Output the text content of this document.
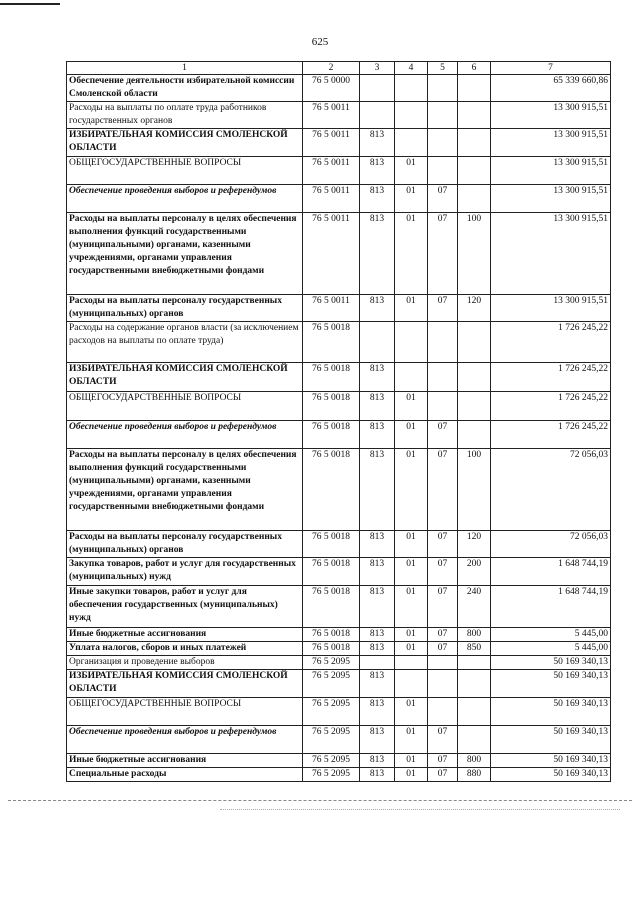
625
1	2	3	4	5	6	7
Обеспечение деятельности избирательной комиссии Смоленской области	76 5 0000					65 339 660,86
Расходы на выплаты по оплате труда работников государственных органов	76 5 0011					13 300 915,51
ИЗБИРАТЕЛЬНАЯ КОМИССИЯ СМОЛЕНСКОЙ ОБЛАСТИ	76 5 0011	813				13 300 915,51
ОБЩЕГОСУДАРСТВЕННЫЕ ВОПРОСЫ	76 5 0011	813	01			13 300 915,51
Обеспечение проведения выборов и референдумов	76 5 0011	813	01	07		13 300 915,51
Расходы на выплаты персоналу в целях обеспечения выполнения функций государственными (муниципальными) органами, казенными учреждениями, органами управления государственными внебюджетными фондами	76 5 0011	813	01	07	100	13 300 915,51
Расходы на выплаты персоналу государственных (муниципальных) органов	76 5 0011	813	01	07	120	13 300 915,51
Расходы на содержание органов власти (за исключением расходов на выплаты по оплате труда)	76 5 0018					1 726 245,22
ИЗБИРАТЕЛЬНАЯ КОМИССИЯ СМОЛЕНСКОЙ ОБЛАСТИ	76 5 0018	813				1 726 245,22
ОБЩЕГОСУДАРСТВЕННЫЕ ВОПРОСЫ	76 5 0018	813	01			1 726 245,22
Обеспечение проведения выборов и референдумов	76 5 0018	813	01	07		1 726 245,22
Расходы на выплаты персоналу в целях обеспечения выполнения функций государственными (муниципальными) органами, казенными учреждениями, органами управления государственными внебюджетными фондами	76 5 0018	813	01	07	100	72 056,03
Расходы на выплаты персоналу государственных (муниципальных) органов	76 5 0018	813	01	07	120	72 056,03
Закупка товаров, работ и услуг для государственных (муниципальных) нужд	76 5 0018	813	01	07	200	1 648 744,19
Иные закупки товаров, работ и услуг для обеспечения государственных (муниципальных) нужд	76 5 0018	813	01	07	240	1 648 744,19
Иные бюджетные ассигнования	76 5 0018	813	01	07	800	5 445,00
Уплата налогов, сборов и иных платежей	76 5 0018	813	01	07	850	5 445,00
Организация и проведение выборов	76 5 2095					50 169 340,13
ИЗБИРАТЕЛЬНАЯ КОМИССИЯ СМОЛЕНСКОЙ ОБЛАСТИ	76 5 2095	813				50 169 340,13
ОБЩЕГОСУДАРСТВЕННЫЕ ВОПРОСЫ	76 5 2095	813	01			50 169 340,13
Обеспечение проведения выборов и референдумов	76 5 2095	813	01	07		50 169 340,13
Иные бюджетные ассигнования	76 5 2095	813	01	07	800	50 169 340,13
Специальные расходы	76 5 2095	813	01	07	880	50 169 340,13
